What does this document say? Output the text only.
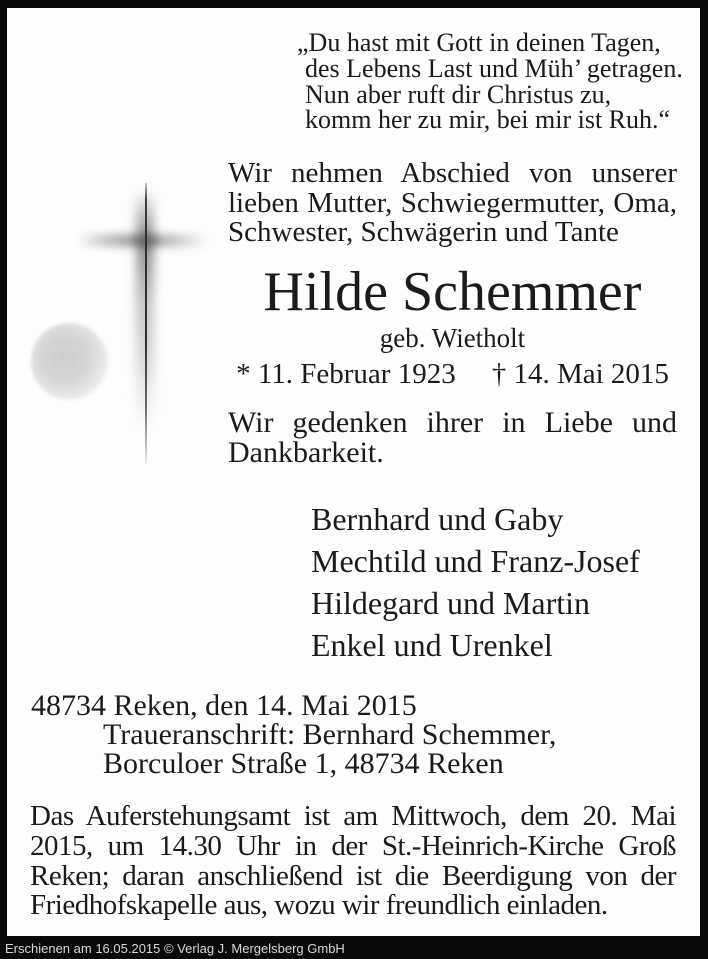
„Du hast mit Gott in deinen Tagen,
des Lebens Last und Müh’ getragen.
Nun aber ruft dir Christus zu,
komm her zu mir, bei mir ist Ruh.“
Wir nehmen Abschied von unserer
lieben Mutter, Schwiegermutter, Oma,
Schwester, Schwägerin und Tante
Hilde Schemmer
geb. Wietholt
* 11. Februar 1923 † 14. Mai 2015
Wir gedenken ihrer in Liebe und
Dankbarkeit.
Bernhard und Gaby
Mechtild und Franz-Josef
Hildegard und Martin
Enkel und Urenkel
48734 Reken, den 14. Mai 2015
Traueranschrift: Bernhard Schemmer,
Borculoer Straße 1, 48734 Reken
Das Auferstehungsamt ist am Mittwoch, dem 20. Mai
2015, um 14.30 Uhr in der St.-Heinrich-Kirche Groß
Reken; daran anschließend ist die Beerdigung von der
Friedhofskapelle aus, wozu wir freundlich einladen.
Erschienen am 16.05.2015 © Verlag J. Mergelsberg GmbH
